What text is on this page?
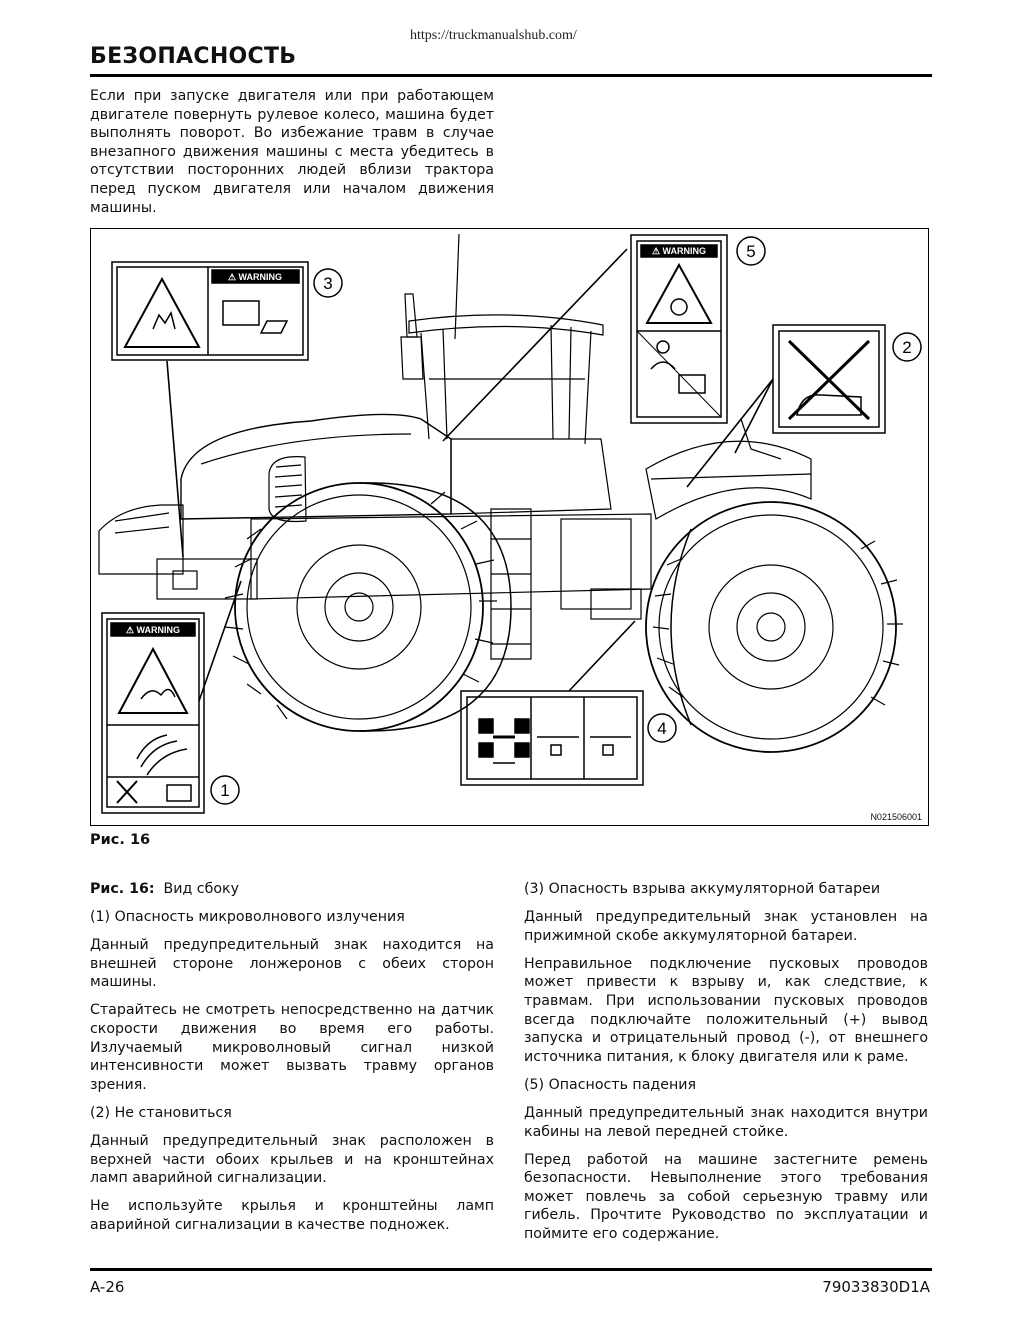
https://truckmanualshub.com/
БЕЗОПАСНОСТЬ
Если при запуске двигателя или при работающем двигателе повернуть рулевое колесо, машина будет выполнять поворот. Во избежание травм в случае внезапного движения машины с места убедитесь в отсутствии посторонних людей вблизи трактора перед пуском двигателя или началом движения машины.
⚠ WARNING 3
⚠ WARNING 5
2
⚠ WARNING
1
4
N021506001
Рис. 16

Рис. 16: Вид сбоку

(1) Опасность микроволнового излучения

Данный предупредительный знак находится на внешней стороне лонжеронов с обеих сторон машины.

Старайтесь не смотреть непосредственно на датчик скорости движения во время его работы. Излучаемый микроволновый сигнал низкой интенсивности может вызвать травму органов зрения.

(2) Не становиться

Данный предупредительный знак расположен в верхней части обоих крыльев и на кронштейнах ламп аварийной сигнализации.

Не используйте крылья и кронштейны ламп аварийной сигнализации в качестве подножек.

(3) Опасность взрыва аккумуляторной батареи

Данный предупредительный знак установлен на прижимной скобе аккумуляторной батареи.

Неправильное подключение пусковых проводов может привести к взрыву и, как следствие, к травмам. При использовании пусковых проводов всегда подключайте положительный (+) вывод запуска и отрицательный провод (-), от внешнего источника питания, к блоку двигателя или к раме.

(5) Опасность падения

Данный предупредительный знак находится внутри кабины на левой передней стойке.

Перед работой на машине застегните ремень безопасности. Невыполнение этого требования может повлечь за собой серьезную травму или гибель. Прочтите Руководство по эксплуатации и поймите его содержание.

A-26	79033830D1A
